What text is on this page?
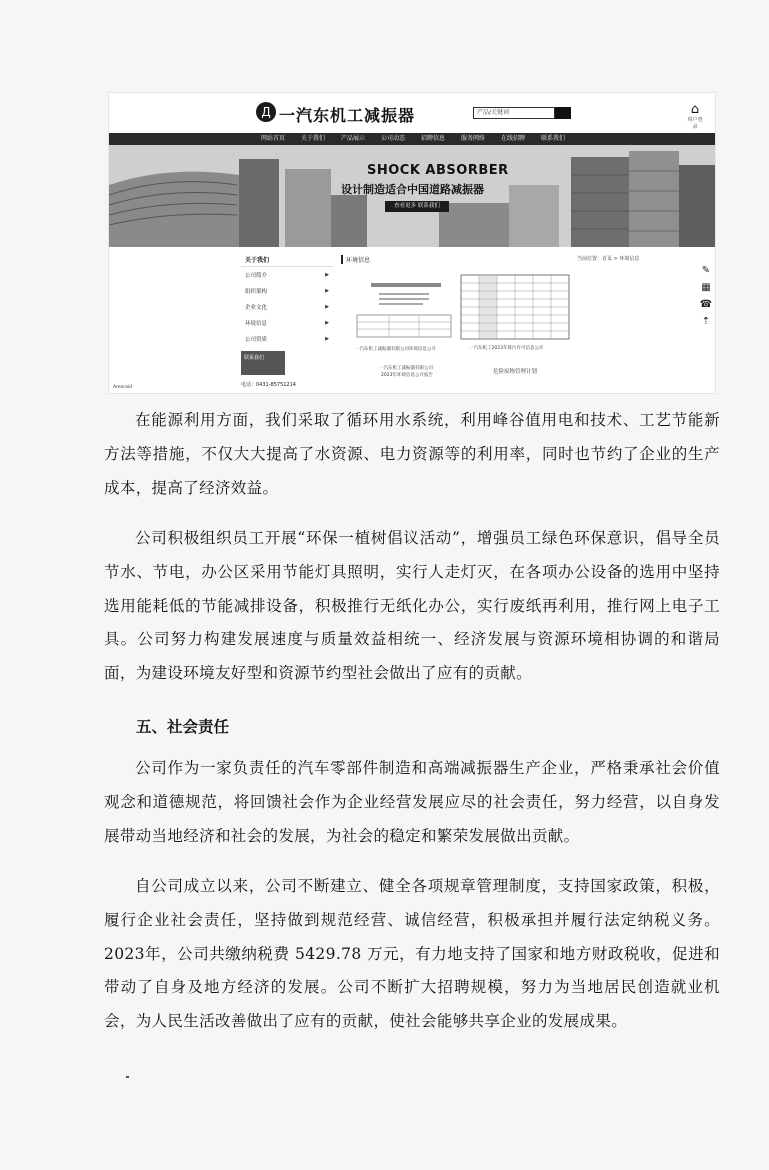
Д 一汽东机工减振器	产品/关键词	⌂
用户登录
网站首页	关于我们	产品展示	公司动态	招聘信息	服务网络	在线招聘	联系我们
SHOCK ABSORBER
设计制造适合中国道路减振器
查看更多 联系我们
关于我们
公司简介	▶
组织架构	▶
企业文化	▶
环境信息	▶
公司资质	▶
联系我们
电话：0431-85751214
Ameraid
环境信息	当前位置：首页 > 环境信息
一汽东机工减振器有限公司环境信息公开
一汽东机工减振器有限公司
2023年环境信息公开报告
一汽东机工2023年排污许可信息公开
危险废物管理计划
✎
▦
☎
⇡

在能源利用方面，我们采取了循环用水系统，利用峰谷值用电和技术、工艺节能新方法等措施，不仅大大提高了水资源、电力资源等的利用率，同时也节约了企业的生产成本，提高了经济效益。

公司积极组织员工开展“环保一植树倡议活动”，增强员工绿色环保意识，倡导全员节水、节电，办公区采用节能灯具照明，实行人走灯灭，在各项办公设备的选用中坚持选用能耗低的节能减排设备，积极推行无纸化办公，实行废纸再利用，推行网上电子工具。公司努力构建发展速度与质量效益相统一、经济发展与资源环境相协调的和谐局面，为建设环境友好型和资源节约型社会做出了应有的贡献。

五、社会责任

公司作为一家负责任的汽车零部件制造和高端减振器生产企业，严格秉承社会价值观念和道德规范，将回馈社会作为企业经营发展应尽的社会责任，努力经营，以自身发展带动当地经济和社会的发展，为社会的稳定和繁荣发展做出贡献。

自公司成立以来，公司不断建立、健全各项规章管理制度，支持国家政策，积极，履行企业社会责任，坚持做到规范经营、诚信经营，积极承担并履行法定纳税义务。2023年，公司共缴纳税费 5429.78 万元，有力地支持了国家和地方财政税收，促进和带动了自身及地方经济的发展。公司不断扩大招聘规模，努力为当地居民创造就业机会，为人民生活改善做出了应有的贡献，使社会能够共享企业的发展成果。
